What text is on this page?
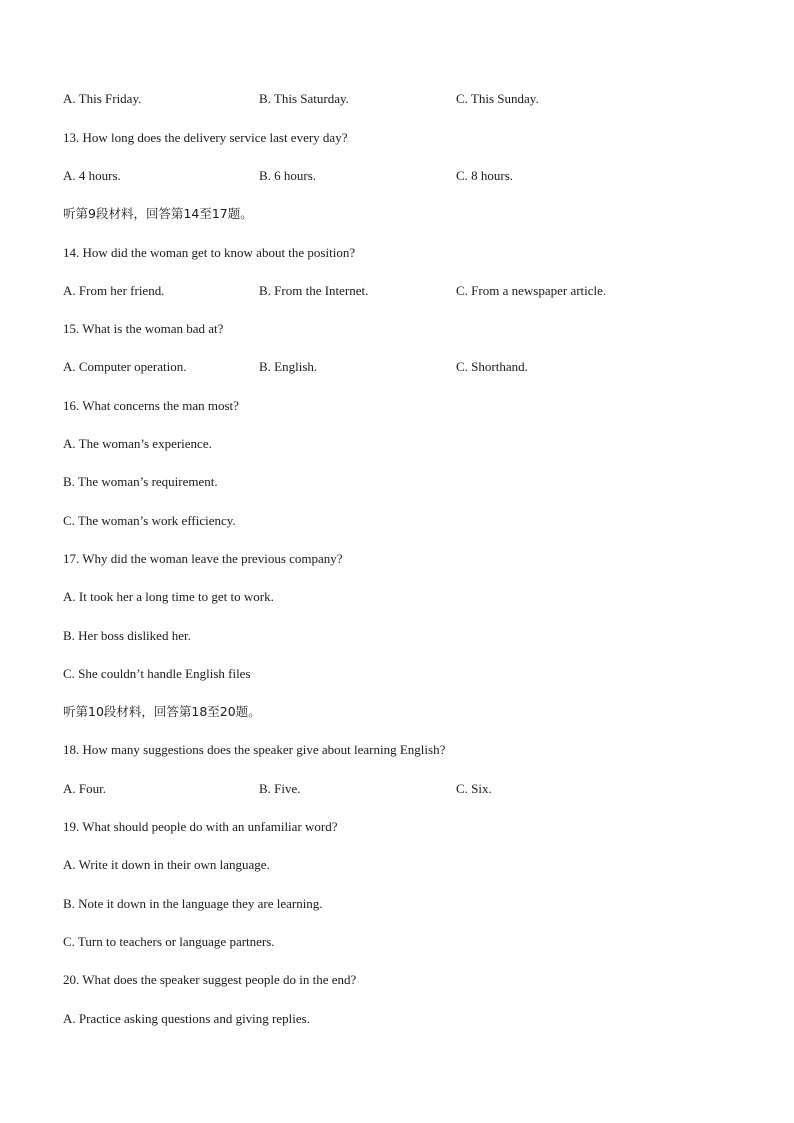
A. This Friday.	B. This Saturday.	C. This Sunday.
13. How long does the delivery service last every day?
A. 4 hours.	B. 6 hours.	C. 8 hours.
听第9段材料，回答第14至17题。
14. How did the woman get to know about the position?
A. From her friend.	B. From the Internet.	C. From a newspaper article.
15. What is the woman bad at?
A. Computer operation.	B. English.	C. Shorthand.
16. What concerns the man most?
A. The woman’s experience.
B. The woman’s requirement.
C. The woman’s work efficiency.
17. Why did the woman leave the previous company?
A. It took her a long time to get to work.
B. Her boss disliked her.
C. She couldn’t handle English files
听第10段材料，回答第18至20题。
18. How many suggestions does the speaker give about learning English?
A. Four.	B. Five.	C. Six.
19. What should people do with an unfamiliar word?
A. Write it down in their own language.
B. Note it down in the language they are learning.
C. Turn to teachers or language partners.
20. What does the speaker suggest people do in the end?
A. Practice asking questions and giving replies.
